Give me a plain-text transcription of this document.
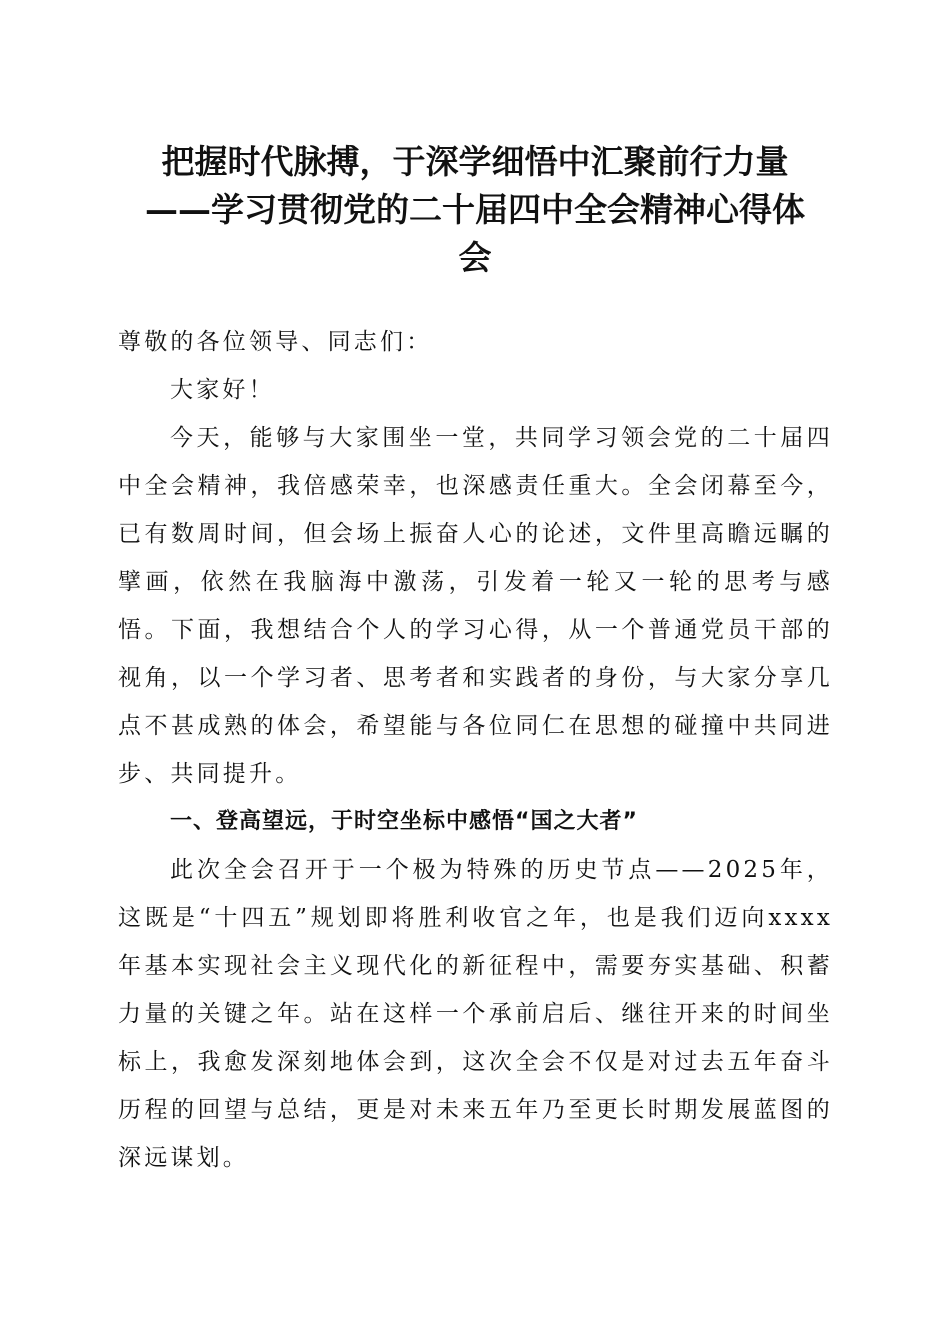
把握时代脉搏，于深学细悟中汇聚前行力量
——学习贯彻党的二十届四中全会精神心得体
会

尊敬的各位领导、同志们：

大家好！

今天，能够与大家围坐一堂，共同学习领会党的二十届四中全会精神，我倍感荣幸，也深感责任重大。全会闭幕至今，已有数周时间，但会场上振奋人心的论述，文件里高瞻远瞩的擘画，依然在我脑海中激荡，引发着一轮又一轮的思考与感悟。下面，我想结合个人的学习心得，从一个普通党员干部的视角，以一个学习者、思考者和实践者的身份，与大家分享几点不甚成熟的体会，希望能与各位同仁在思想的碰撞中共同进步、共同提升。

一、登高望远，于时空坐标中感悟“国之大者”

此次全会召开于一个极为特殊的历史节点——2025年，这既是“十四五”规划即将胜利收官之年，也是我们迈向xxxx年基本实现社会主义现代化的新征程中，需要夯实基础、积蓄力量的关键之年。站在这样一个承前启后、继往开来的时间坐标上，我愈发深刻地体会到，这次全会不仅是对过去五年奋斗历程的回望与总结，更是对未来五年乃至更长时期发展蓝图的深远谋划。
